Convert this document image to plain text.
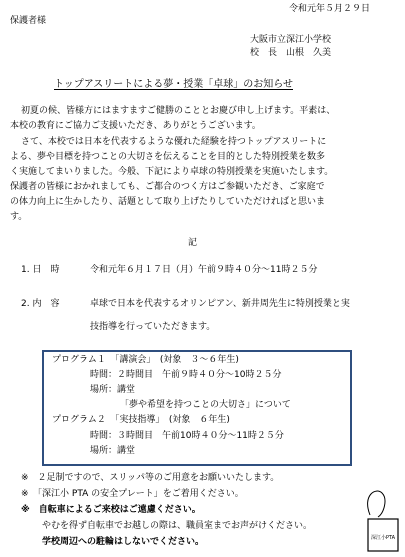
令和元年５月２９日
保護者様
大阪市立深江小学校
校　長　山根　久美
トップアスリートによる夢・授業「卓球」のお知らせ
初夏の候、皆様方にはますますご健勝のこととお慶び申し上げます。平素は、
本校の教育にご協力ご支援いただき、ありがとうございます。
さて、本校では日本を代表するような優れた経験を持つトップアスリートに
よる、夢や目標を持つことの大切さを伝えることを目的とした特別授業を数多
く実施してまいりました。今般、下記により卓球の特別授業を実施いたします。
保護者の皆様におかれましても、ご都合のつく方はご参観いただき、ご家庭で
の体力向上に生かしたり、話題として取り上げたりしていただければと思いま
す。
記
1. 日　時	令和元年６月１７日（月）午前９時４０分～11時２５分
2. 内　容	卓球で日本を代表するオリンピアン、新井周先生に特別授業と実
技指導を行っていただきます。
プログラム１　「講演会」　(対象　３～６年生)
時間：２時間目　午前９時４０分～10時２５分
場所：講堂
「夢や希望を持つことの大切さ」について
プログラム２　「実技指導」　(対象　６年生)
時間：３時間目　午前10時４０分～11時２５分
場所：講堂
※　２足制ですので、スリッパ等のご用意をお願いいたします。
※　「深江小 PTA の安全プレート」をご着用ください。
※　自転車によるご来校はご遠慮ください。
やむを得ず自転車でお越しの際は、職員室までお声がけください。
学校周辺への駐輪はしないでください。	深江小PTA
